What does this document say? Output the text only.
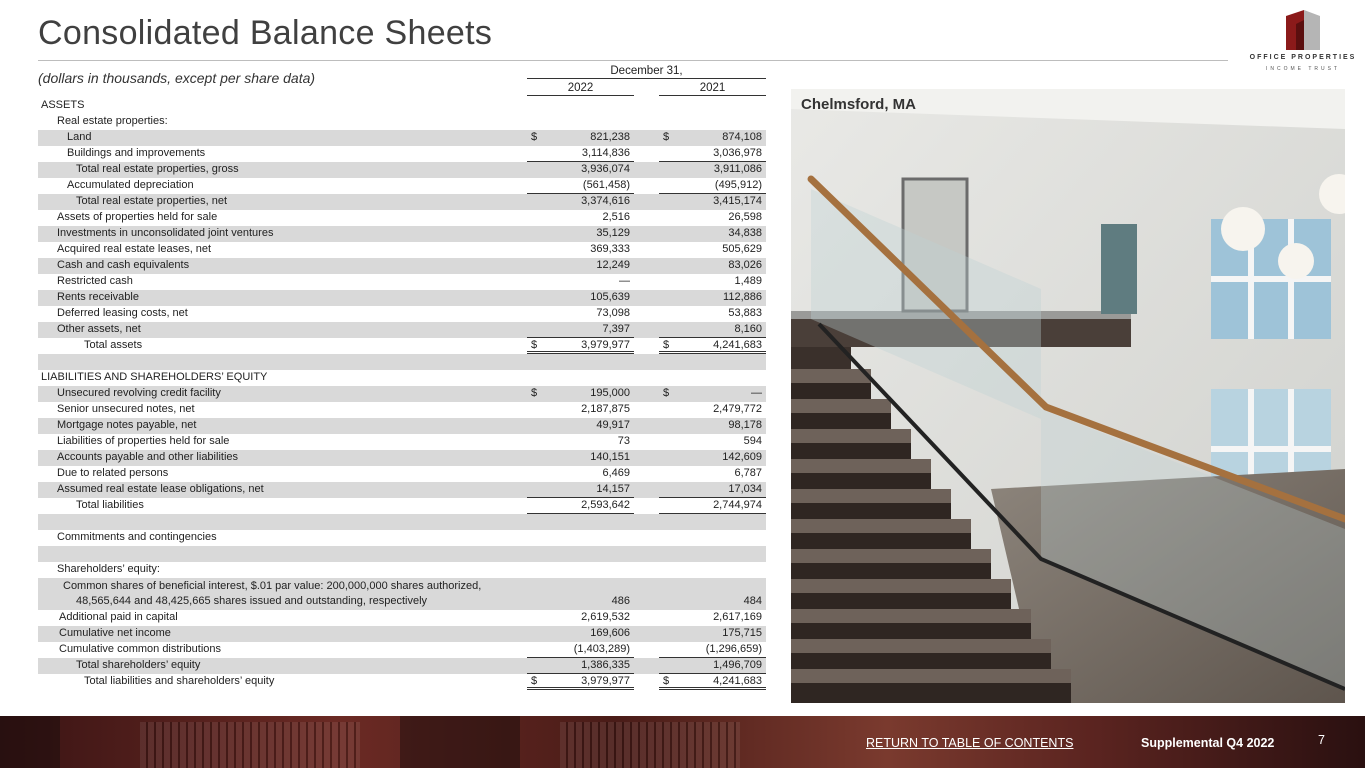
Consolidated Balance Sheets
OFFICE PROPERTIES
INCOME TRUST
(dollars in thousands, except per share data)	December 31,
2022	2021
ASSETS
Real estate properties:
Land	$	821,238	$	874,108
Buildings and improvements	3,114,836	3,036,978
Total real estate properties, gross	3,936,074	3,911,086
Accumulated depreciation	(561,458)	(495,912)
Total real estate properties, net	3,374,616	3,415,174
Assets of properties held for sale	2,516	26,598
Investments in unconsolidated joint ventures	35,129	34,838
Acquired real estate leases, net	369,333	505,629
Cash and cash equivalents	12,249	83,026
Restricted cash	—	1,489
Rents receivable	105,639	112,886
Deferred leasing costs, net	73,098	53,883
Other assets, net	7,397	8,160
Total assets	$	3,979,977	$	4,241,683
LIABILITIES AND SHAREHOLDERS’ EQUITY
Unsecured revolving credit facility	$	195,000	$	—
Senior unsecured notes, net	2,187,875	2,479,772
Mortgage notes payable, net	49,917	98,178
Liabilities of properties held for sale	73	594
Accounts payable and other liabilities	140,151	142,609
Due to related persons	6,469	6,787
Assumed real estate lease obligations, net	14,157	17,034
Total liabilities	2,593,642	2,744,974
Commitments and contingencies
Shareholders’ equity:
Common shares of beneficial interest, $.01 par value: 200,000,000 shares authorized,
48,565,644 and 48,425,665 shares issued and outstanding, respectively	486	484
Additional paid in capital	2,619,532	2,617,169
Cumulative net income	169,606	175,715
Cumulative common distributions	(1,403,289)	(1,296,659)
Total shareholders’ equity	1,386,335	1,496,709
Total liabilities and shareholders’ equity	$	3,979,977	$	4,241,683
Chelmsford, MA
RETURN TO TABLE OF CONTENTS	Supplemental Q4 2022	7
